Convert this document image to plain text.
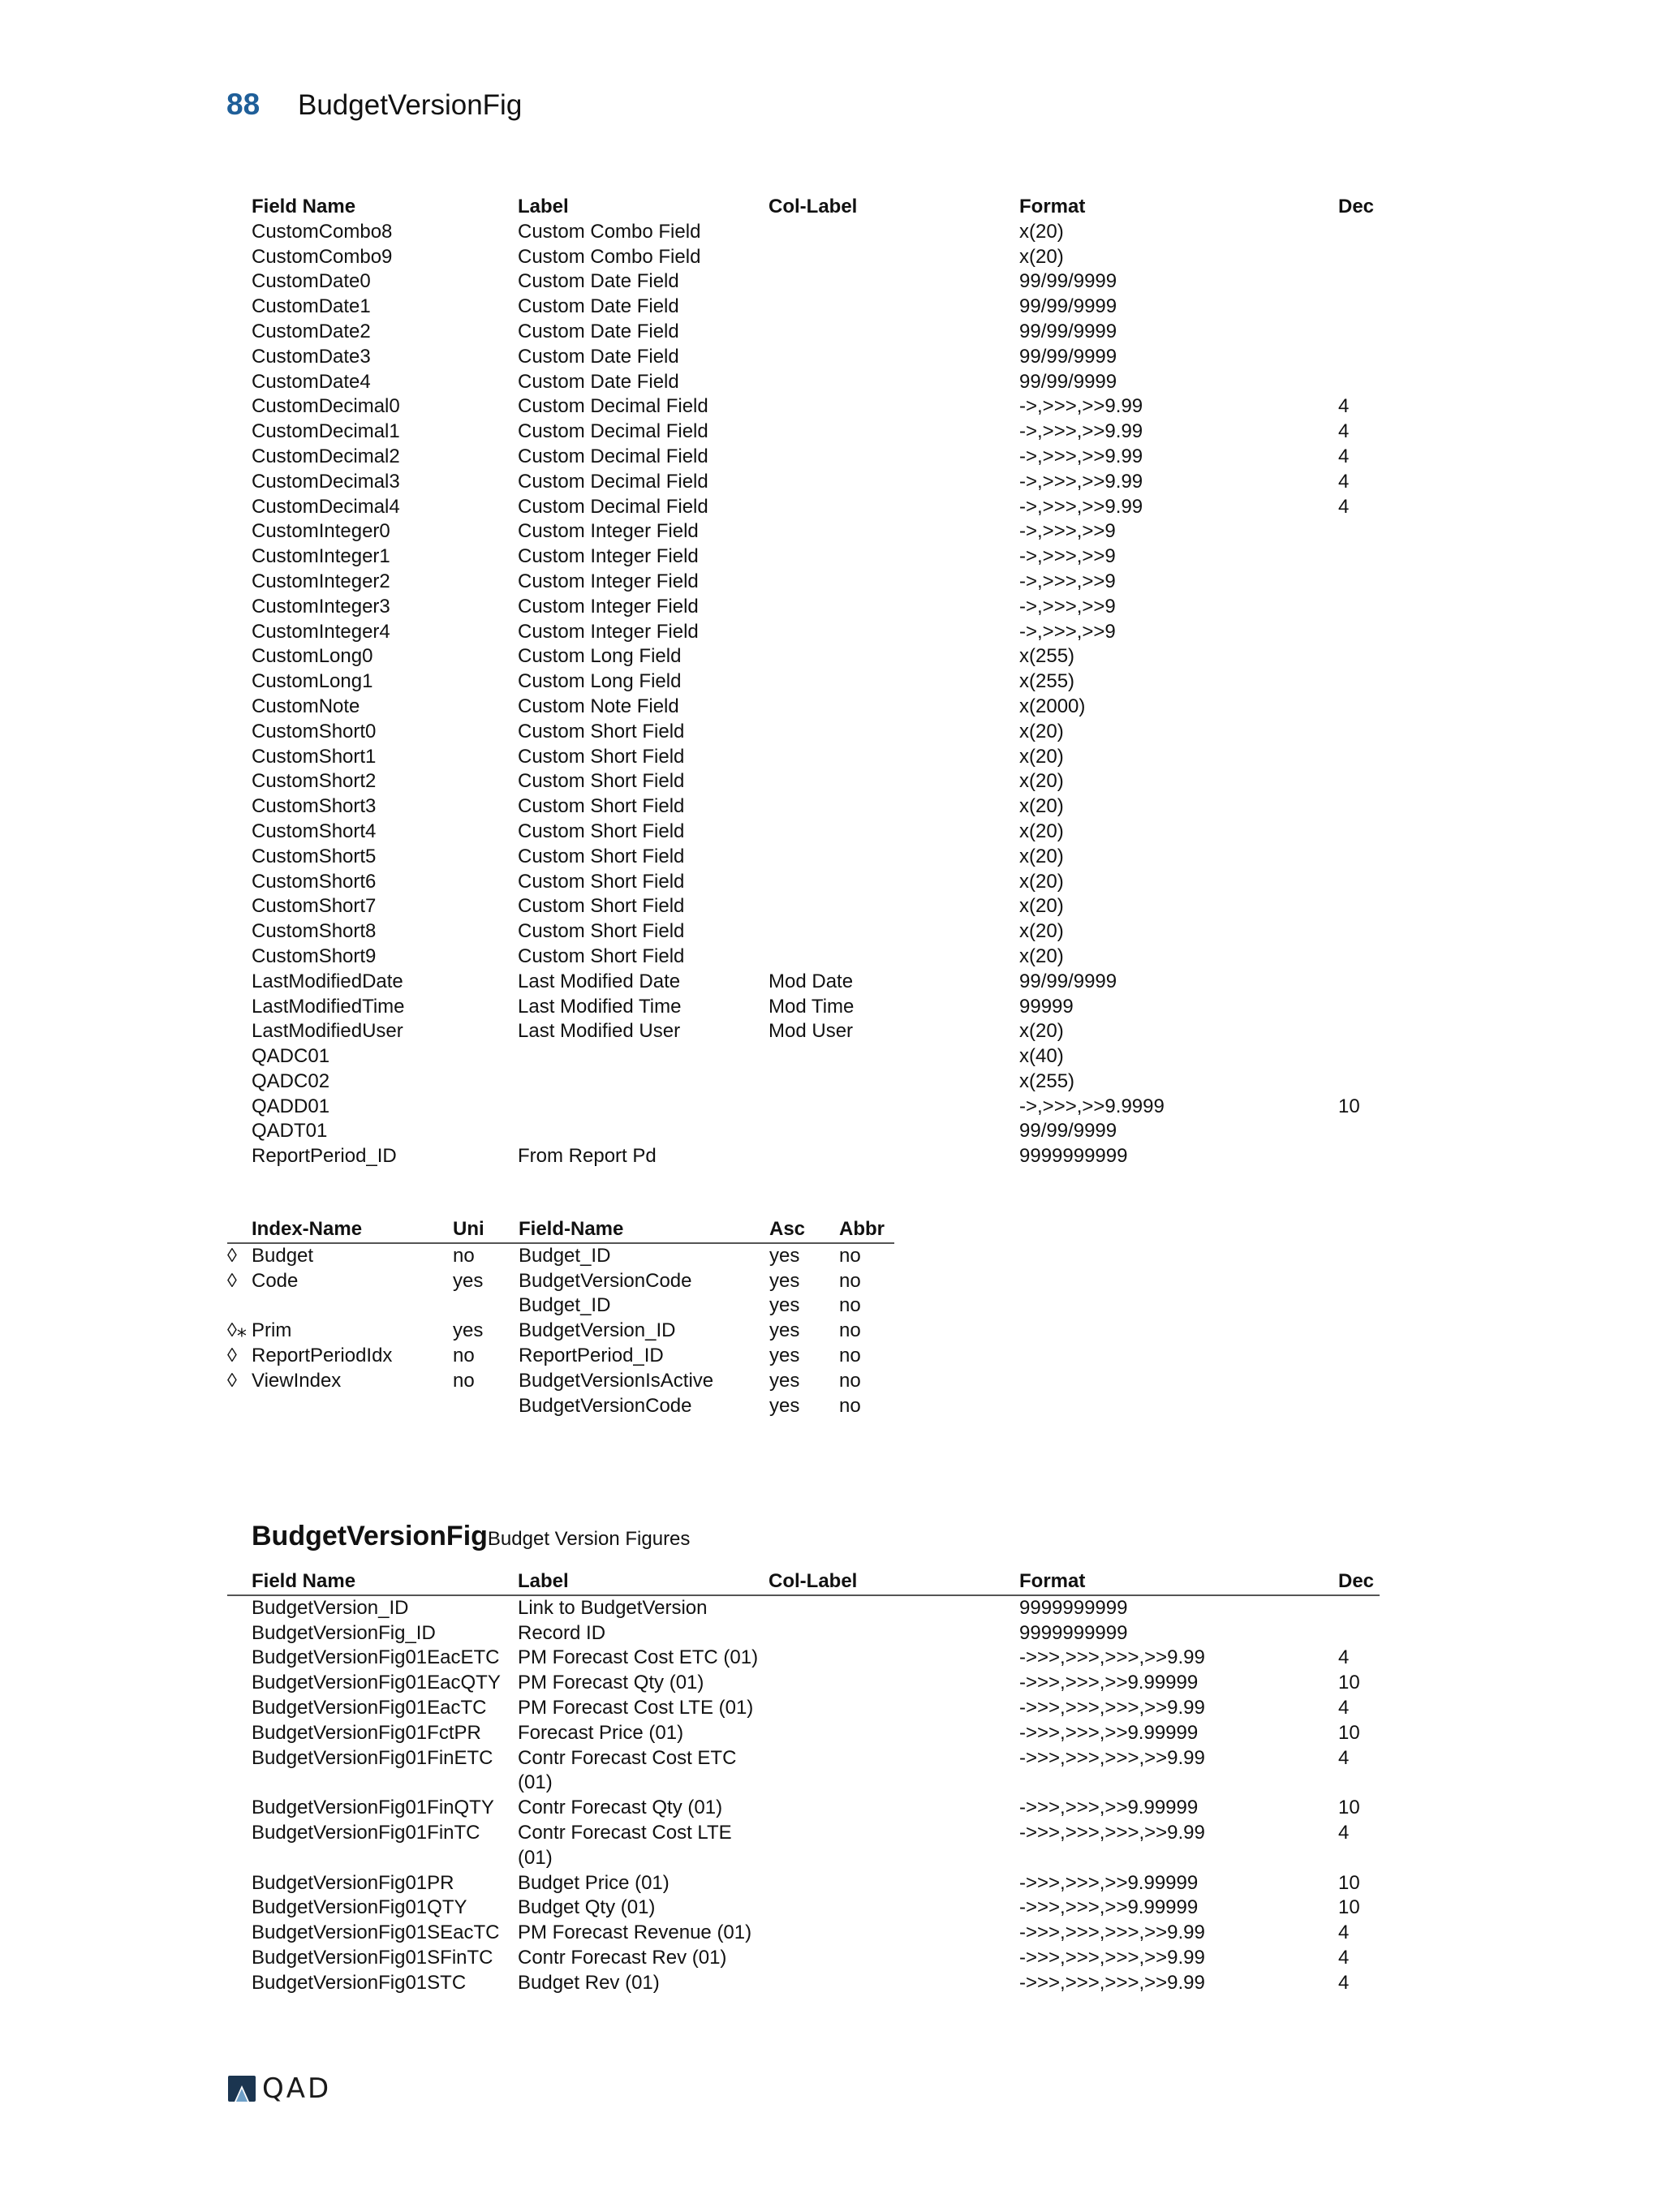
88 BudgetVersionFig
	Field Name	Label	Col-Label	Format	Dec
	CustomCombo8	Custom Combo Field		x(20)	
	CustomCombo9	Custom Combo Field		x(20)	
	CustomDate0	Custom Date Field		99/99/9999	
	CustomDate1	Custom Date Field		99/99/9999	
	CustomDate2	Custom Date Field		99/99/9999	
	CustomDate3	Custom Date Field		99/99/9999	
	CustomDate4	Custom Date Field		99/99/9999	
	CustomDecimal0	Custom Decimal Field		->,>>>,>>9.99	4
	CustomDecimal1	Custom Decimal Field		->,>>>,>>9.99	4
	CustomDecimal2	Custom Decimal Field		->,>>>,>>9.99	4
	CustomDecimal3	Custom Decimal Field		->,>>>,>>9.99	4
	CustomDecimal4	Custom Decimal Field		->,>>>,>>9.99	4
	CustomInteger0	Custom Integer Field		->,>>>,>>9	
	CustomInteger1	Custom Integer Field		->,>>>,>>9	
	CustomInteger2	Custom Integer Field		->,>>>,>>9	
	CustomInteger3	Custom Integer Field		->,>>>,>>9	
	CustomInteger4	Custom Integer Field		->,>>>,>>9	
	CustomLong0	Custom Long Field		x(255)	
	CustomLong1	Custom Long Field		x(255)	
	CustomNote	Custom Note Field		x(2000)	
	CustomShort0	Custom Short Field		x(20)	
	CustomShort1	Custom Short Field		x(20)	
	CustomShort2	Custom Short Field		x(20)	
	CustomShort3	Custom Short Field		x(20)	
	CustomShort4	Custom Short Field		x(20)	
	CustomShort5	Custom Short Field		x(20)	
	CustomShort6	Custom Short Field		x(20)	
	CustomShort7	Custom Short Field		x(20)	
	CustomShort8	Custom Short Field		x(20)	
	CustomShort9	Custom Short Field		x(20)	
	LastModifiedDate	Last Modified Date	Mod Date	99/99/9999	
	LastModifiedTime	Last Modified Time	Mod Time	99999	
	LastModifiedUser	Last Modified User	Mod User	x(20)	
	QADC01			x(40)	
	QADC02			x(255)	
	QADD01			->,>>>,>>9.9999	10
	QADT01			99/99/9999	
	ReportPeriod_ID	From Report Pd		9999999999	
	Index-Name	Uni	Field-Name	Asc	Abbr
◊	Budget	no	Budget_ID	yes	no
◊	Code	yes	BudgetVersionCode	yes	no
			Budget_ID	yes	no
◊⁎	Prim	yes	BudgetVersion_ID	yes	no
◊	ReportPeriodIdx	no	ReportPeriod_ID	yes	no
◊	ViewIndex	no	BudgetVersionIsActive	yes	no
			BudgetVersionCode	yes	no
BudgetVersionFigBudget Version Figures
	Field Name	Label	Col-Label	Format	Dec
	BudgetVersion_ID	Link to BudgetVersion		9999999999	
	BudgetVersionFig_ID	Record ID		9999999999	
	BudgetVersionFig01EacETC	PM Forecast Cost ETC (01)		->>>,>>>,>>>,>>9.99	4
	BudgetVersionFig01EacQTY	PM Forecast Qty (01)		->>>,>>>,>>9.99999	10
	BudgetVersionFig01EacTC	PM Forecast Cost LTE (01)		->>>,>>>,>>>,>>9.99	4
	BudgetVersionFig01FctPR	Forecast Price (01)		->>>,>>>,>>9.99999	10
	BudgetVersionFig01FinETC	Contr Forecast Cost ETC (01)		->>>,>>>,>>>,>>9.99	4
	BudgetVersionFig01FinQTY	Contr Forecast Qty (01)		->>>,>>>,>>9.99999	10
	BudgetVersionFig01FinTC	Contr Forecast Cost LTE (01)		->>>,>>>,>>>,>>9.99	4
	BudgetVersionFig01PR	Budget Price (01)		->>>,>>>,>>9.99999	10
	BudgetVersionFig01QTY	Budget Qty (01)		->>>,>>>,>>9.99999	10
	BudgetVersionFig01SEacTC	PM Forecast Revenue (01)		->>>,>>>,>>>,>>9.99	4
	BudgetVersionFig01SFinTC	Contr Forecast Rev (01)		->>>,>>>,>>>,>>9.99	4
	BudgetVersionFig01STC	Budget Rev (01)		->>>,>>>,>>>,>>9.99	4
QAD
